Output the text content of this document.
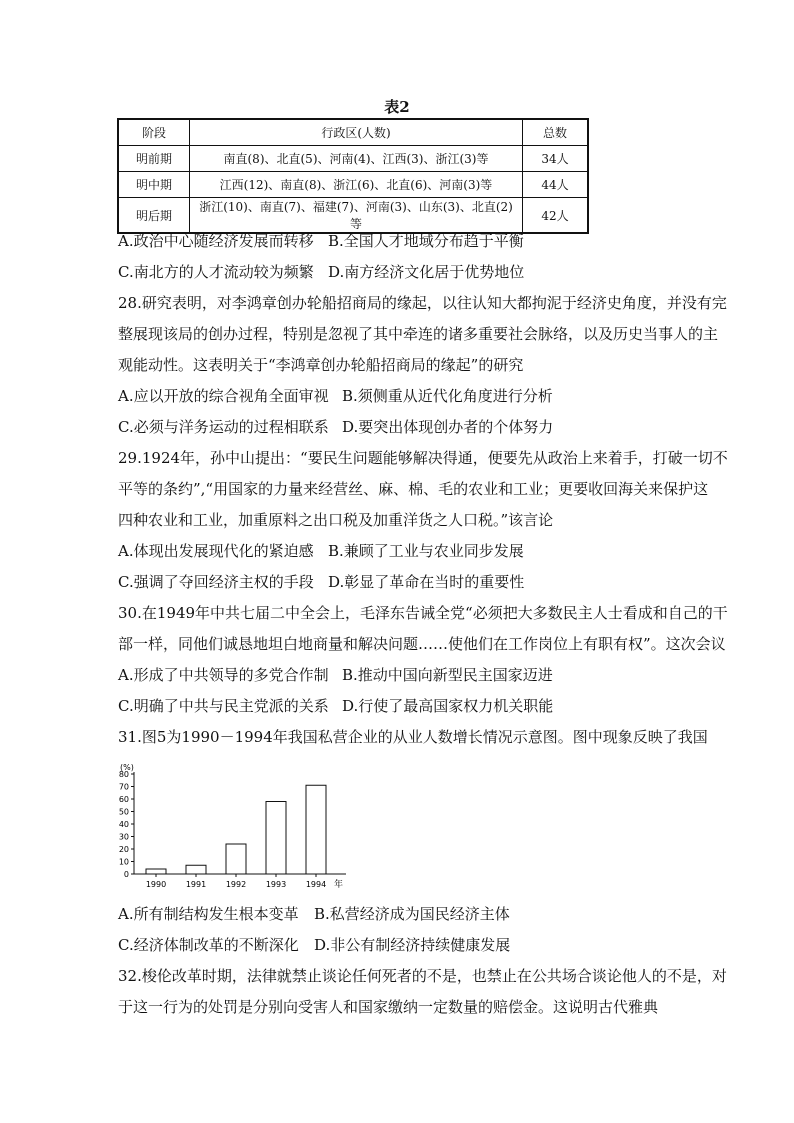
表2
阶段	行政区(人数)	总数
明前期	南直(8)、北直(5)、河南(4)、江西(3)、浙江(3)等	34人
明中期	江西(12)、南直(8)、浙江(6)、北直(6)、河南(3)等	44人
明后期	浙江(10)、南直(7)、福建(7)、河南(3)、山东(3)、北直(2)等	42人
A.政治中心随经济发展而转移 B.全国人才地域分布趋于平衡
C.南北方的人才流动较为频繁 D.南方经济文化居于优势地位
28.研究表明，对李鸿章创办轮船招商局的缘起，以往认知大都拘泥于经济史角度，并没有完
整展现该局的创办过程，特别是忽视了其中牵连的诸多重要社会脉络，以及历史当事人的主
观能动性。这表明关于“李鸿章创办轮船招商局的缘起”的研究
A.应以开放的综合视角全面审视 B.须侧重从近代化角度进行分析
C.必须与洋务运动的过程相联系 D.要突出体现创办者的个体努力
29.1924年，孙中山提出：“要民生问题能够解决得通，便要先从政治上来着手，打破一切不
平等的条约”,“用国家的力量来经营丝、麻、棉、毛的农业和工业；更要收回海关来保护这
四种农业和工业，加重原料之出口税及加重洋货之人口税。”该言论
A.体现出发展现代化的紧迫感 B.兼顾了工业与农业同步发展
C.强调了夺回经济主权的手段 D.彰显了革命在当时的重要性
30.在1949年中共七届二中全会上，毛泽东告诫全党“必须把大多数民主人士看成和自己的干
部一样，同他们诚恳地坦白地商量和解决问题……使他们在工作岗位上有职有权”。这次会议
A.形成了中共领导的多党合作制 B.推动中国向新型民主国家迈进
C.明确了中共与民主党派的关系 D.行使了最高国家权力机关职能
31.图5为1990－1994年我国私营企业的从业人数增长情况示意图。图中现象反映了我国
0
10
20
30
40
50
60
70
80
1990 1991 1992 1993 1994
(%)
年
A.所有制结构发生根本变革 B.私营经济成为国民经济主体
C.经济体制改革的不断深化 D.非公有制经济持续健康发展
32.梭伦改革时期，法律就禁止谈论任何死者的不是，也禁止在公共场合谈论他人的不是，对
于这一行为的处罚是分别向受害人和国家缴纳一定数量的赔偿金。这说明古代雅典
